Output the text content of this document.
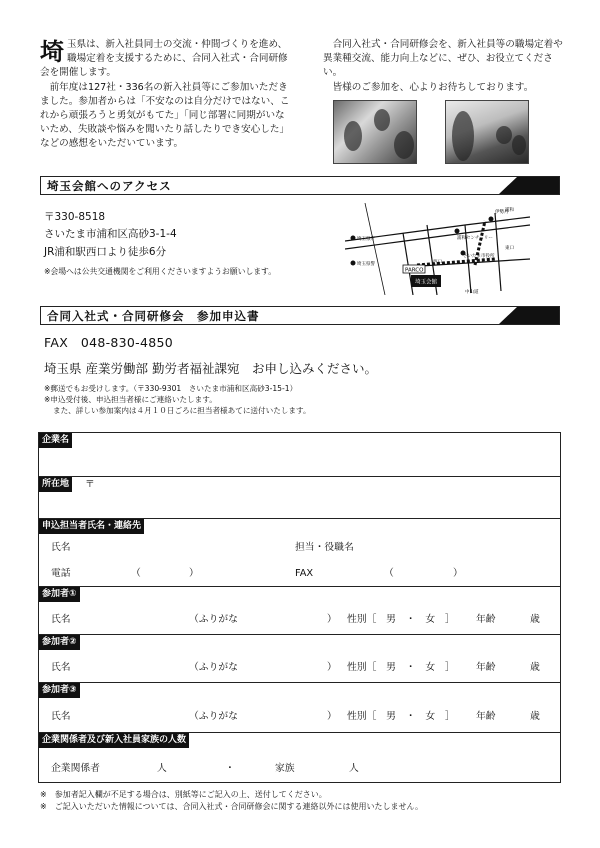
埼 玉県は、新入社員同士の交流・仲間づくりを進め、職場定着を支援するために、合同入社式・合同研修会を開催します。

前年度は127社・336名の新入社員等にご参加いただきました。参加者からは「不安なのは自分だけではない、これから頑張ろうと勇気がもてた」「同じ部署に同期がいないため、失敗談や悩みを聞いたり話したりでき安心した」などの感想をいただいています。

合同入社式・合同研修会を、新入社員等の職場定着や異業種交流、能力向上などに、ぜひ、お役立てください。

皆様のご参加を、心よりお待ちしております。

埼玉会館へのアクセス
〒330-8518
さいたま市浦和区高砂3-1-4
JR浦和駅西口より徒歩6分
※会場へは公共交通機関をご利用くださいますようお願いします。	PARCO
埼玉会館
埼玉県庁
埼玉県警
浦和センチュリー
さいたま市役所
伊勢丹
西口
東口
浦和
中山道
合同入社式・合同研修会　参加申込書
FAX　048-830-4850
埼玉県 産業労働部 勤労者福祉課宛　お申し込みください。
※郵送でもお受けします。（〒330-9301　さいたま市浦和区高砂3-15-1）
※申込受付後、申込担当者様にご連絡いたします。
また、詳しい参加案内は４月１０日ごろに担当者様あてに送付いたします。
企業名
所在地	〒
申込担当者氏名・連絡先
氏名	担当・役職名
電話	（	）	FAX	（	）
参加者①
氏名	（ふりがな	） 性別［　男　・　女　］ 年齢	歳
参加者②
氏名	（ふりがな	） 性別［　男　・　女　］ 年齢	歳
参加者③
氏名	（ふりがな	） 性別［　男　・　女　］ 年齢	歳
企業関係者及び新入社員家族の人数
企業関係者	人	・	家族	人
※　参加者記入欄が不足する場合は、別紙等にご記入の上、送付してください。
※　ご記入いただいた情報については、合同入社式・合同研修会に関する連絡以外には使用いたしません。
